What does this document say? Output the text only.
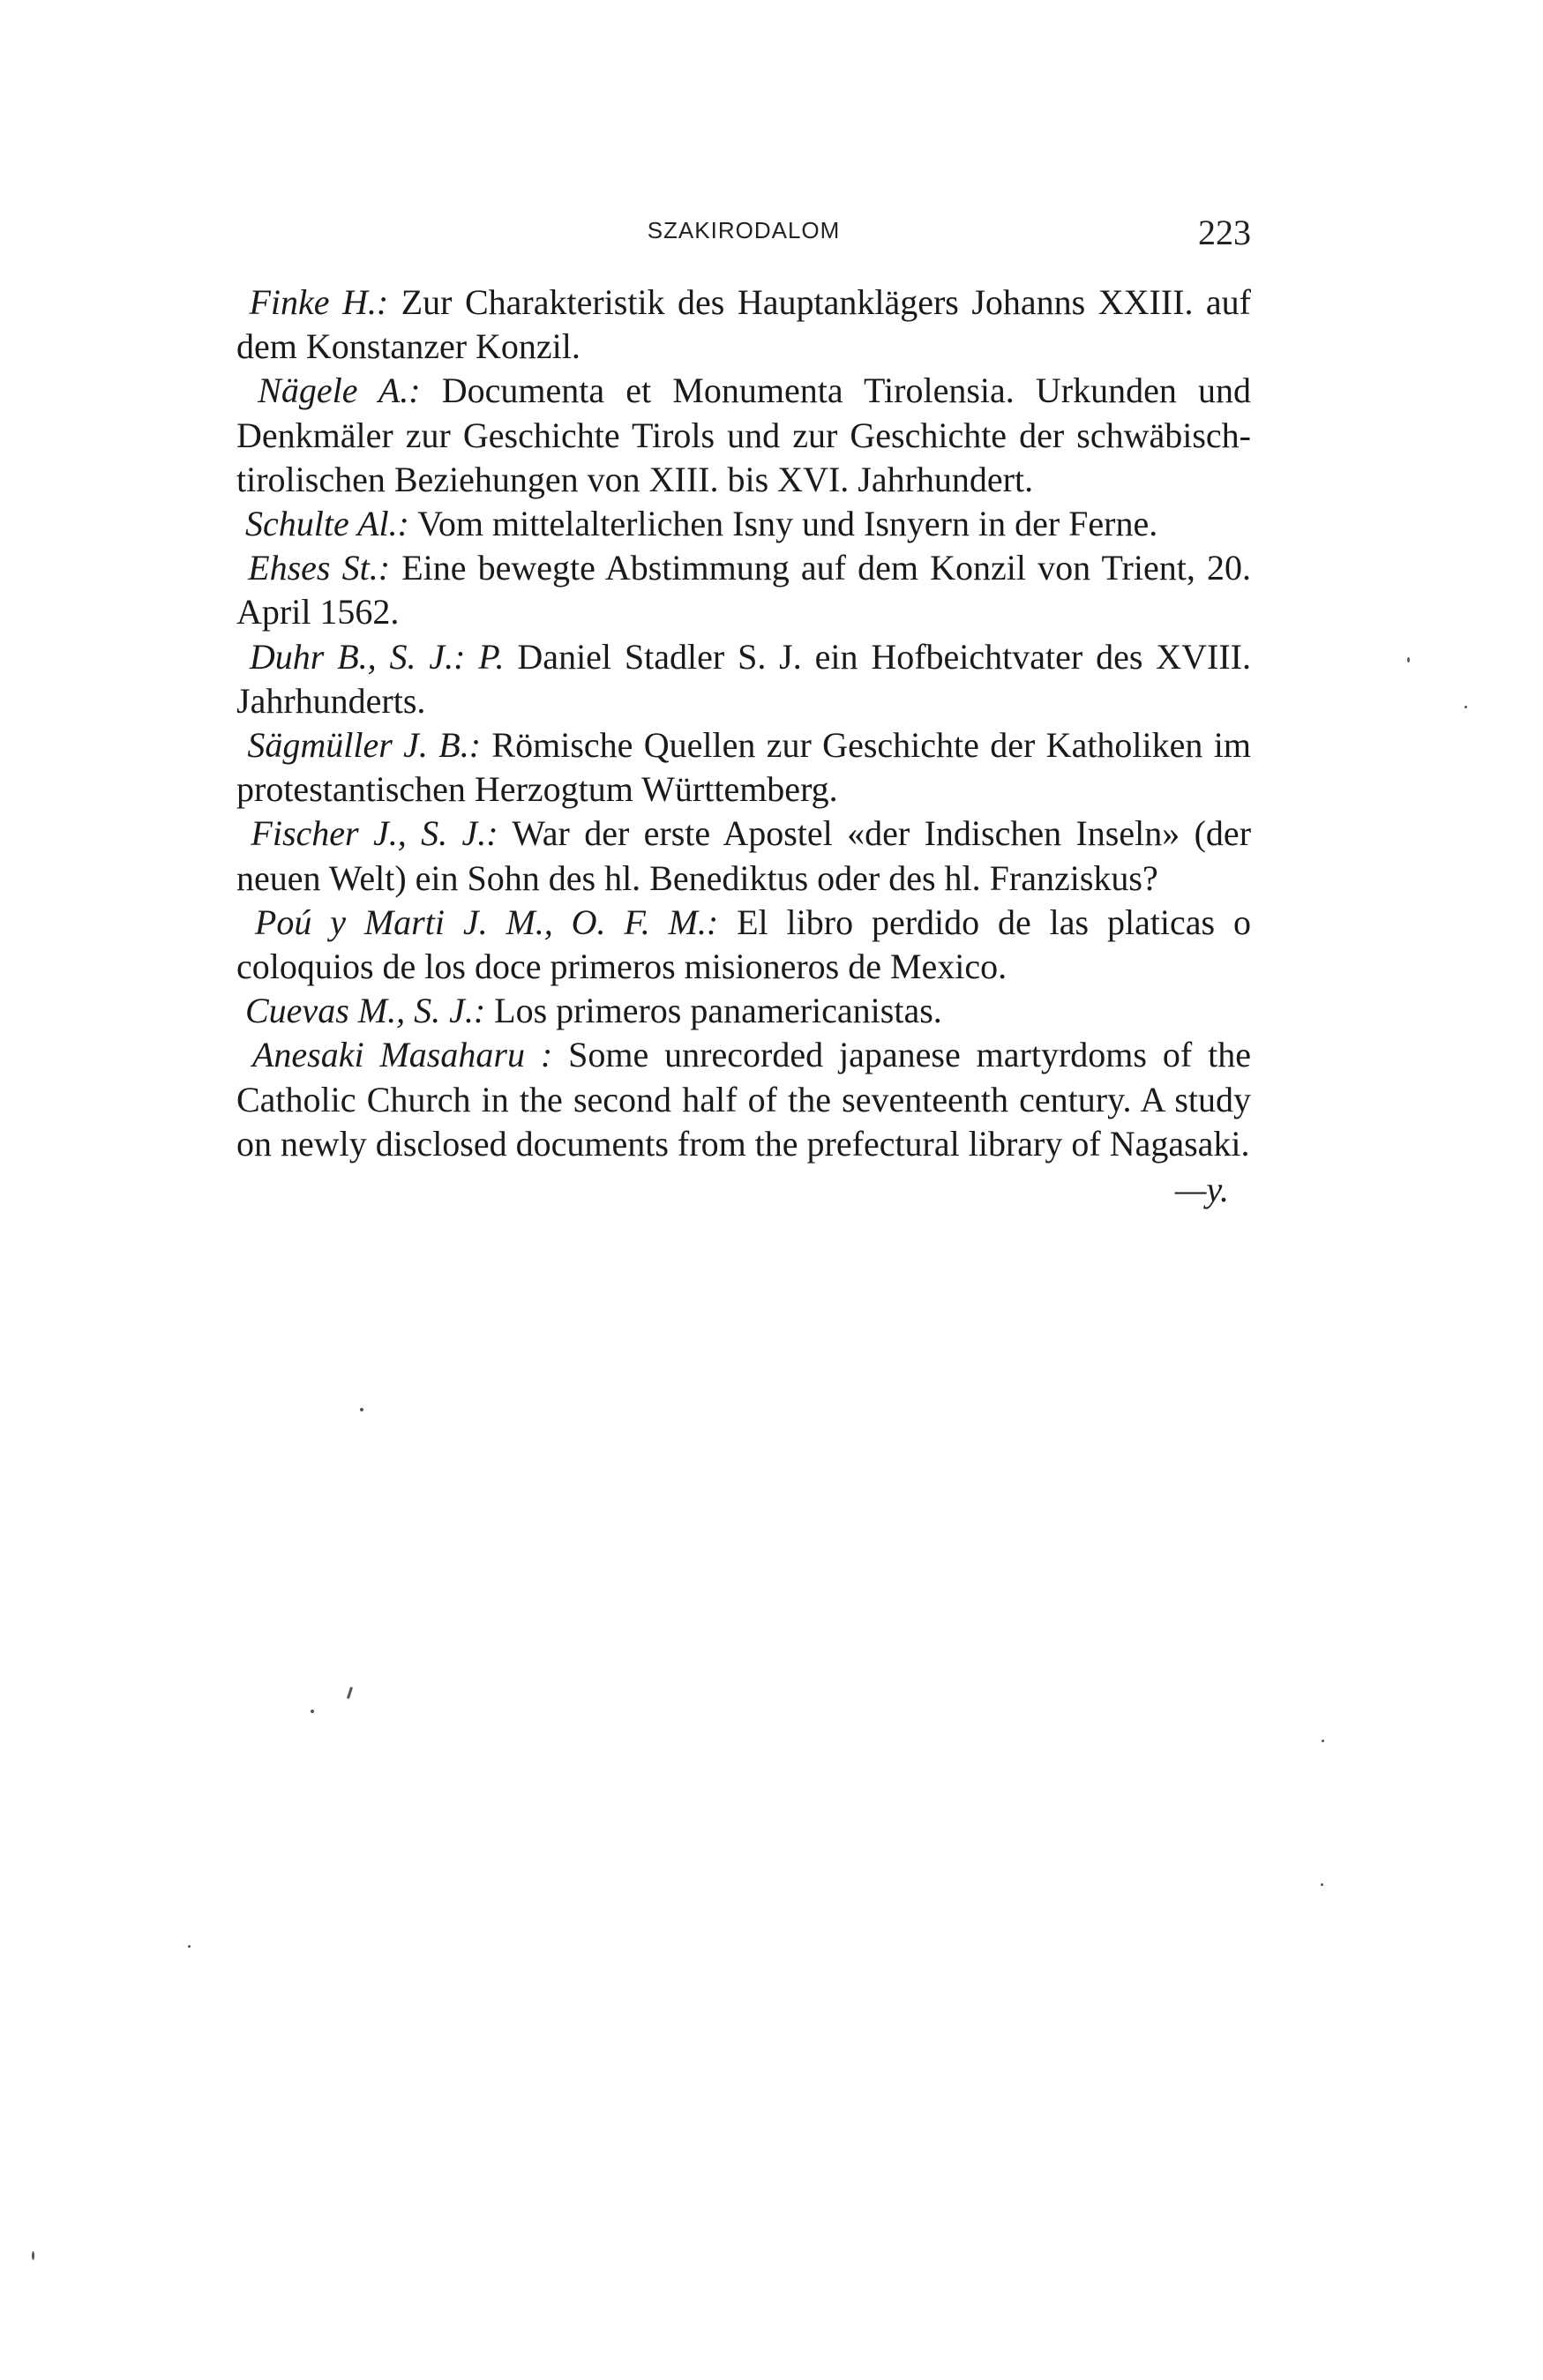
SZAKIRODALOM	223

Finke H.: Zur Charakteristik des Hauptanklägers Johanns XXIII. auf dem Konstanzer Konzil.

Nägele A.: Documenta et Monumenta Tirolensia. Urkunden und Denkmäler zur Geschichte Tirols und zur Geschichte der schwäbisch-tirolischen Beziehungen von XIII. bis XVI. Jahrhundert.

Schulte Al.: Vom mittelalterlichen Isny und Isnyern in der Ferne.

Ehses St.: Eine bewegte Abstimmung auf dem Konzil von Trient, 20. April 1562.

Duhr B., S. J.: P. Daniel Stadler S. J. ein Hofbeichtvater des XVIII. Jahrhunderts.

Sägmüller J. B.: Römische Quellen zur Geschichte der Katholiken im protestantischen Herzogtum Württemberg.

Fischer J., S. J.: War der erste Apostel «der Indischen Inseln» (der neuen Welt) ein Sohn des hl. Benediktus oder des hl. Franziskus?

Poú y Marti J. M., O. F. M.: El libro perdido de las platicas o coloquios de los doce primeros misioneros de Mexico.

Cuevas M., S. J.: Los primeros panamericanistas.

Anesaki Masaharu : Some unrecorded japanese martyrdoms of the Catholic Church in the second half of the seventeenth century. A study on newly disclosed documents from the prefectural library of Nagasaki.

—y.
